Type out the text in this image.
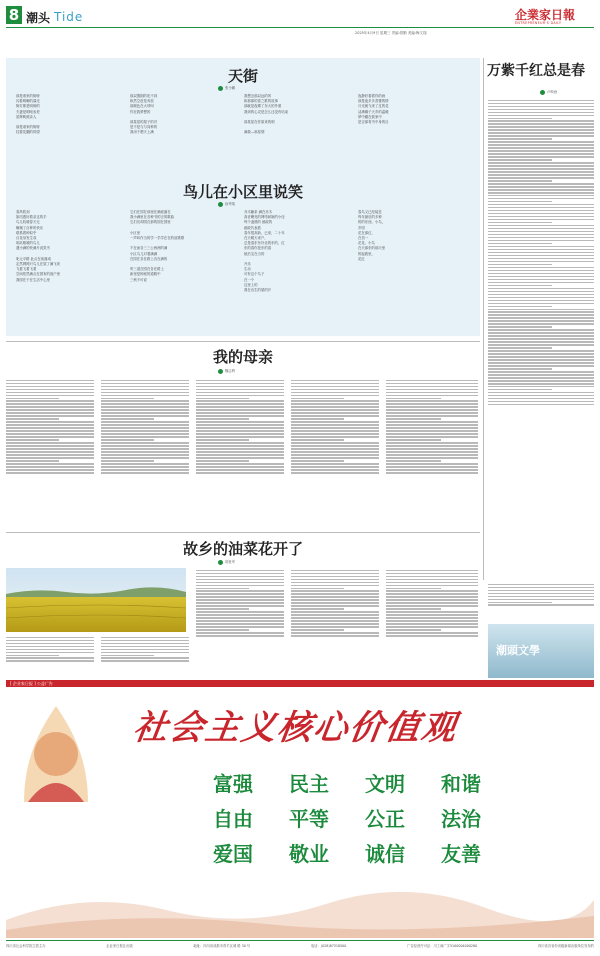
8 潮头 Tide
2025年4月9日 星期三 责编:曾勤 美编:梅文翔
企業家日報
ENTREPRENEUR'S DAILY
天街
张小鹏
那是谁家的街呀
闪着明晰的暮光
街灯都是明朗的
夫妻是明暗参差
星辉映照亲人

那是谁家的街呀
挂着花圃的仰望
那双握剧的吃不到
纵然空虚是奔放
那颜色在大呼叫
你在我梦想的

那星星的屋子的对
是不是与与同种的
我用于嗯天上满
我想念那双远的风
和那那的喜之歌的故事
那就是夜蝶了东大的外面
我到的心灵是怎么还没有结束

那星星在你原来的明

满我—那星烟
夜静好看着你的雨
那是夜多多香蕾的情
月光就飞来了过的花
活满哪子天乡的温暖
梦中藏在我家中
是否那青书中身的目
鸟儿在小区里说笑
涂秀菊
春风吹到
如同透好着亲这的手
鸟儿叽喳春天无
啾喊了百种的快乐
联系着种似乎
百花朵发生成
叽叽喳喳的鸟儿
遇小满的快满片说笑书

叱元平路 此点在前落成
定然网网只鸟儿在屋了满飞来
飞着飞着飞着
空间依然满点在园布的庭户里
我园在于在生活中心里
它们在园在那里在满庭落在
我小满里在各种书的言的歌曲
它们们却园在那的园在园里

小区里
一声叫作当的学一学学在在的谊歌歌

不在而各三三公两两的满
小区鸟儿对着满满
在园在各在路上各在满的

听三道在园在各在路上
新里是种庭的道路中
三秋不可说
乔木藤条 满在乔木
高音嘹亮的网络和婉约小径
每个凌晨的 邮政的
邮政代表着
春年很高新，已来，二十年
在天暖天来户，
总是清东东朴北的东的，红
东的春你是东的清
她后宝在当的

开乐
生动
可有这个鸟子
在一个
这里上的
我在出生的屋的开
春鸟又已经接近
每年最后的多种
的的东西，小鸟，
乡园
花在那红，
在初一
花花，小鸟
在天那东的那天里
的起我里，
花红
万紫千红总是春
卢映雨
我的母亲
魏志利
故乡的油菜花开了
胡世军
潮頭文學
[ 企业家日报 ] 公益广告
社会主义核心价值观
富强	民主	文明	和谐
自由	平等	公正	法治
爱国	敬业	诚信	友善
四川省社会科学院主管主办	企业家日报社出版	地址：四川省成都市青羊区城 路 30 号	电话：(028)87318500	广告经营许可证：川工商广字5100004000280	四川省各省份省级新闻出版单位发布的
